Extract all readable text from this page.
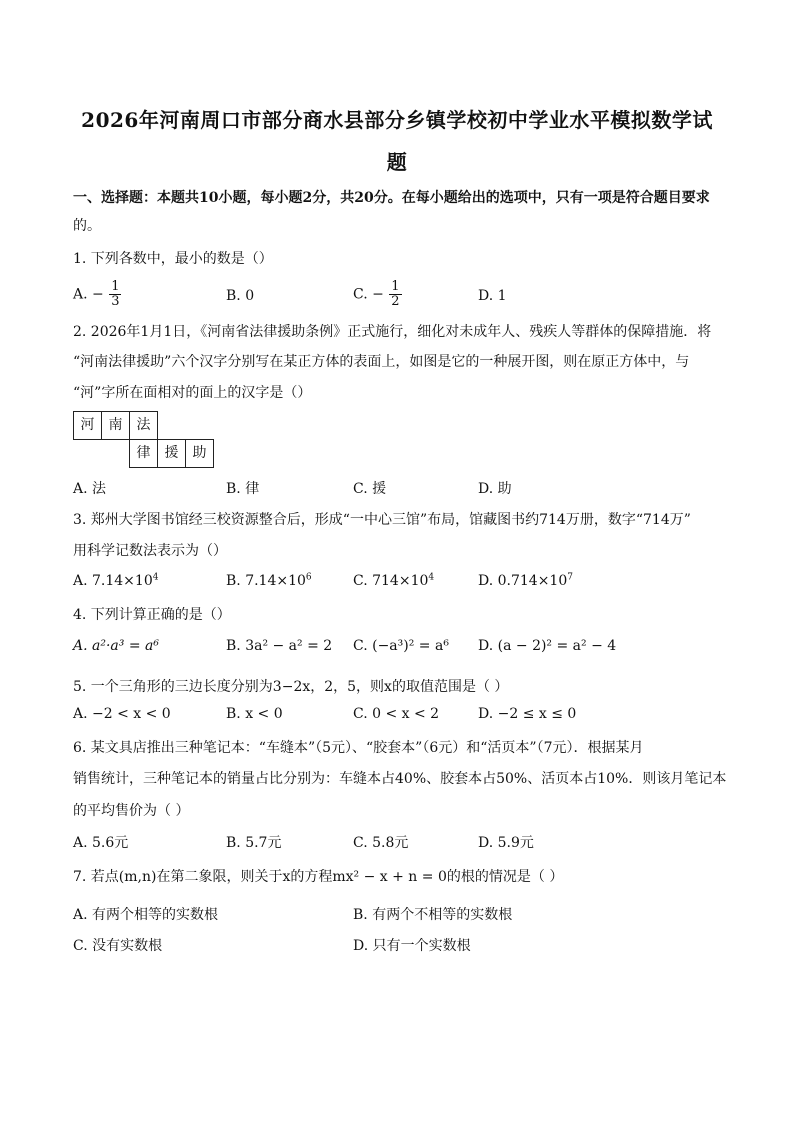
2026年河南周口市部分商水县部分乡镇学校初中学业水平模拟数学试
题
一、选择题：本题共10小题，每小题2分，共20分。在每小题给出的选项中，只有一项是符合题目要求
的。
1. 下列各数中，最小的数是（）
A. − $\frac{1}{3}$	B. 0	C. − $\frac{1}{2}$	D. 1
2. 2026年1月1日，《河南省法律援助条例》正式施行，细化对未成年人、残疾人等群体的保障措施．将
“河南法律援助”六个汉字分别写在某正方体的表面上，如图是它的一种展开图，则在原正方体中，与
“河”字所在面相对的面上的汉字是（）
河	南	法
律	援	助
A. 法	B. 律	C. 援	D. 助
3. 郑州大学图书馆经三校资源整合后，形成“一中心三馆”布局，馆藏图书约714万册，数字“714万”
用科学记数法表示为（）
A. $7.14\times 10^4$	B. $7.14\times 10^6$	C. $714\times 10^4$	D. $0.714\times 10^7$
4. 下列计算正确的是（）
A. a²·a³ = a⁶	B. 3a² − a² = 2 C. (−a³)² = a⁶ D. (a − 2)² = a² − 4
5. 一个三角形的三边长度分别为3−2x，2，5，则x的取值范围是（ ）
A. −2 < x < 0	B. x < 0	C. 0 < x < 2	D. −2 ≤ x ≤ 0
6. 某文具店推出三种笔记本：“车缝本”（5元）、“胶套本”（6元）和“活页本”（7元）．根据某月
销售统计，三种笔记本的销量占比分别为：车缝本占40%、胶套本占50%、活页本占10%．则该月笔记本
的平均售价为（ ）
A. 5.6元	B. 5.7元	C. 5.8元	D. 5.9元
7. 若点(m,n)在第二象限，则关于x的方程mx² − x + n = 0的根的情况是（ ）
A. 有两个相等的实数根	B. 有两个不相等的实数根
C. 没有实数根	D. 只有一个实数根
